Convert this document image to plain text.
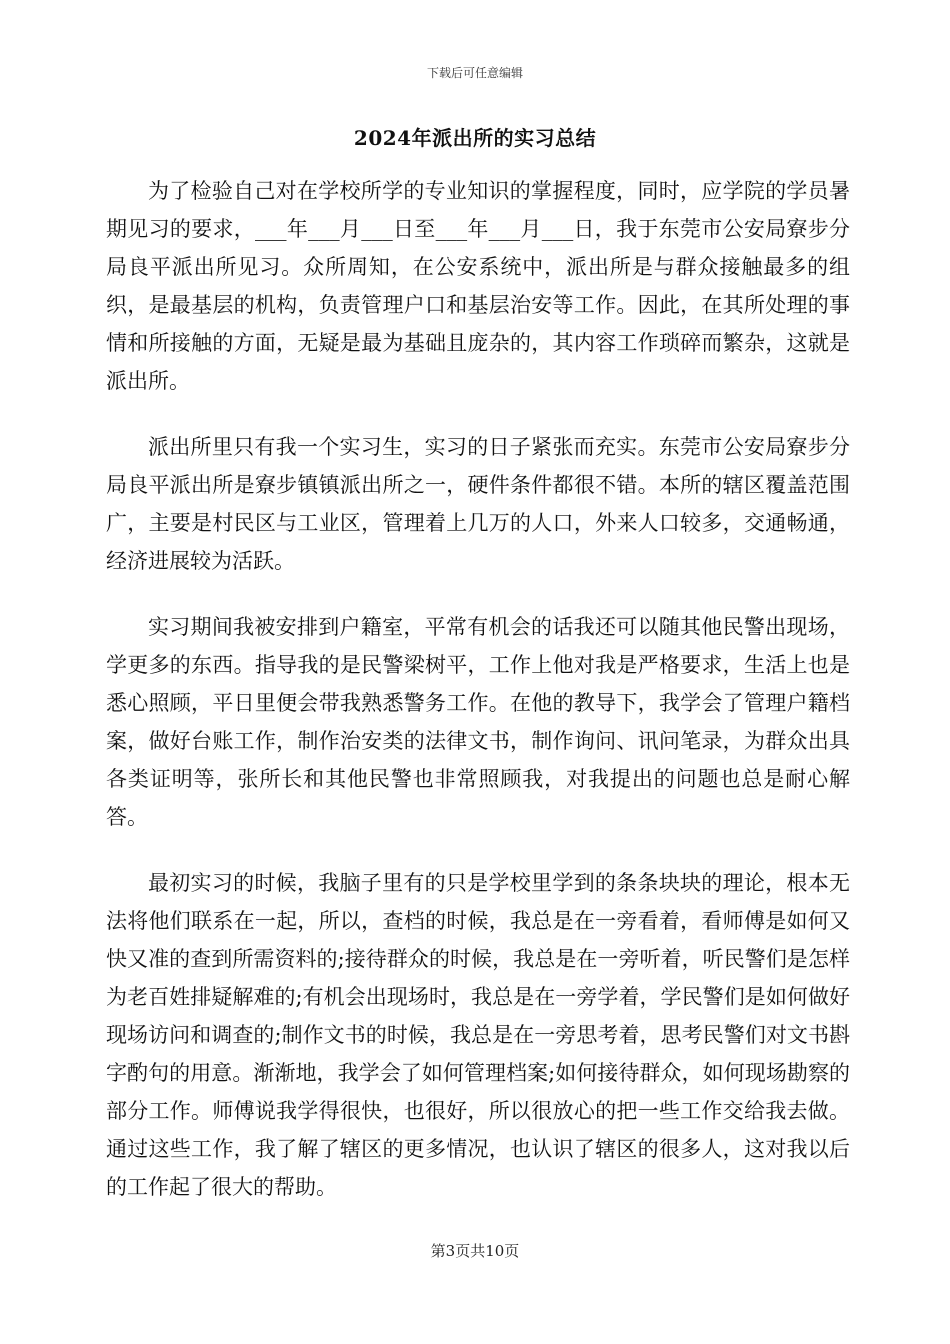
下载后可任意编辑
2024年派出所的实习总结

为了检验自己对在学校所学的专业知识的掌握程度，同时，应学院的学员暑期见习的要求，___年___月___日至___年___月___日，我于东莞市公安局寮步分局良平派出所见习。众所周知，在公安系统中，派出所是与群众接触最多的组织，是最基层的机构，负责管理户口和基层治安等工作。因此，在其所处理的事情和所接触的方面，无疑是最为基础且庞杂的，其内容工作琐碎而繁杂，这就是派出所。

派出所里只有我一个实习生，实习的日子紧张而充实。东莞市公安局寮步分局良平派出所是寮步镇镇派出所之一，硬件条件都很不错。本所的辖区覆盖范围广，主要是村民区与工业区，管理着上几万的人口，外来人口较多，交通畅通，经济进展较为活跃。

实习期间我被安排到户籍室，平常有机会的话我还可以随其他民警出现场，学更多的东西。指导我的是民警梁树平，工作上他对我是严格要求，生活上也是悉心照顾，平日里便会带我熟悉警务工作。在他的教导下，我学会了管理户籍档案，做好台账工作，制作治安类的法律文书，制作询问、讯问笔录，为群众出具各类证明等，张所长和其他民警也非常照顾我，对我提出的问题也总是耐心解答。

最初实习的时候，我脑子里有的只是学校里学到的条条块块的理论，根本无法将他们联系在一起，所以，查档的时候，我总是在一旁看着，看师傅是如何又快又准的查到所需资料的;接待群众的时候，我总是在一旁听着，听民警们是怎样为老百姓排疑解难的;有机会出现场时，我总是在一旁学着，学民警们是如何做好现场访问和调查的;制作文书的时候，我总是在一旁思考着，思考民警们对文书斟字酌句的用意。渐渐地，我学会了如何管理档案;如何接待群众，如何现场勘察的部分工作。师傅说我学得很快，也很好，所以很放心的把一些工作交给我去做。通过这些工作，我了解了辖区的更多情况，也认识了辖区的很多人，这对我以后的工作起了很大的帮助。

第3页共10页
